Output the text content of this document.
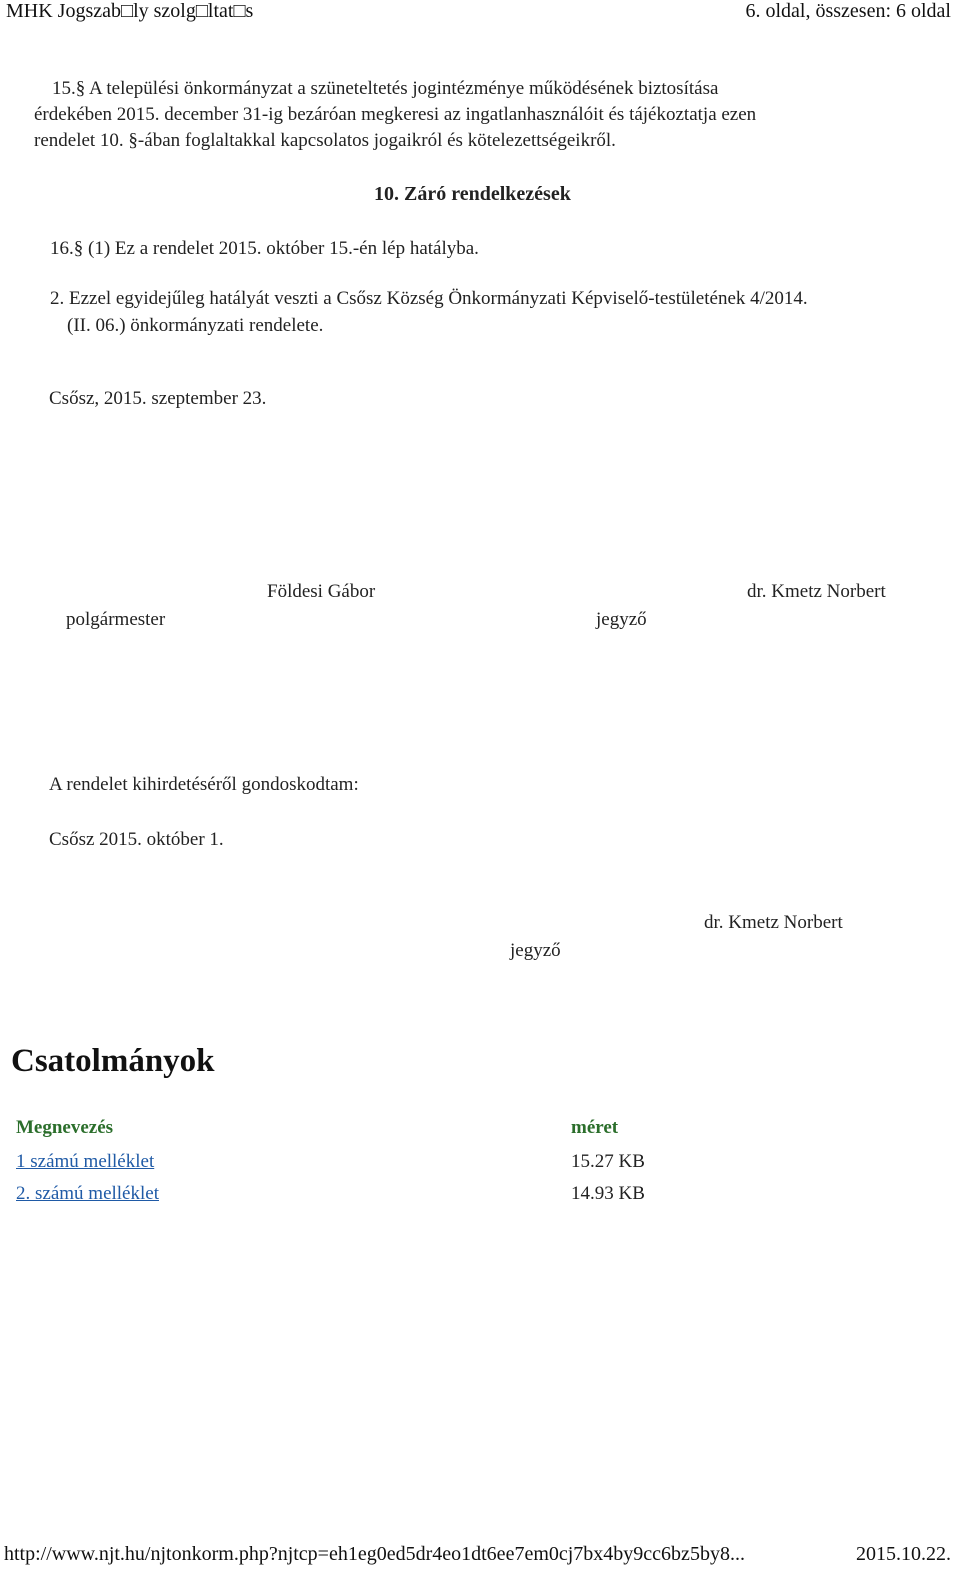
MHK Jogszab□ly szolg□ltat□s	6. oldal, összesen: 6 oldal
15.§ A települési önkormányzat a szüneteltetés jogintézménye működésének biztosítása
érdekében 2015. december 31-ig bezáróan megkeresi az ingatlanhasználóit és tájékoztatja ezen
rendelet 10. §-ában foglaltakkal kapcsolatos jogaikról és kötelezettségeikről.
10. Záró rendelkezések
16.§ (1) Ez a rendelet 2015. október 15.-én lép hatályba.
2. Ezzel egyidejűleg hatályát veszti a Csősz Község Önkormányzati Képviselő-testületének 4/2014.
(II. 06.) önkormányzati rendelete.
Csősz, 2015. szeptember 23.
Földesi Gábor	dr. Kmetz Norbert
polgármester	jegyző
A rendelet kihirdetéséről gondoskodtam:
Csősz 2015. október 1.
dr. Kmetz Norbert
jegyző
Csatolmányok
Megnevezés	méret
1 számú melléklet	15.27 KB
2. számú melléklet	14.93 KB
http://www.njt.hu/njtonkorm.php?njtcp=eh1eg0ed5dr4eo1dt6ee7em0cj7bx4by9cc6bz5by8...	2015.10.22.
